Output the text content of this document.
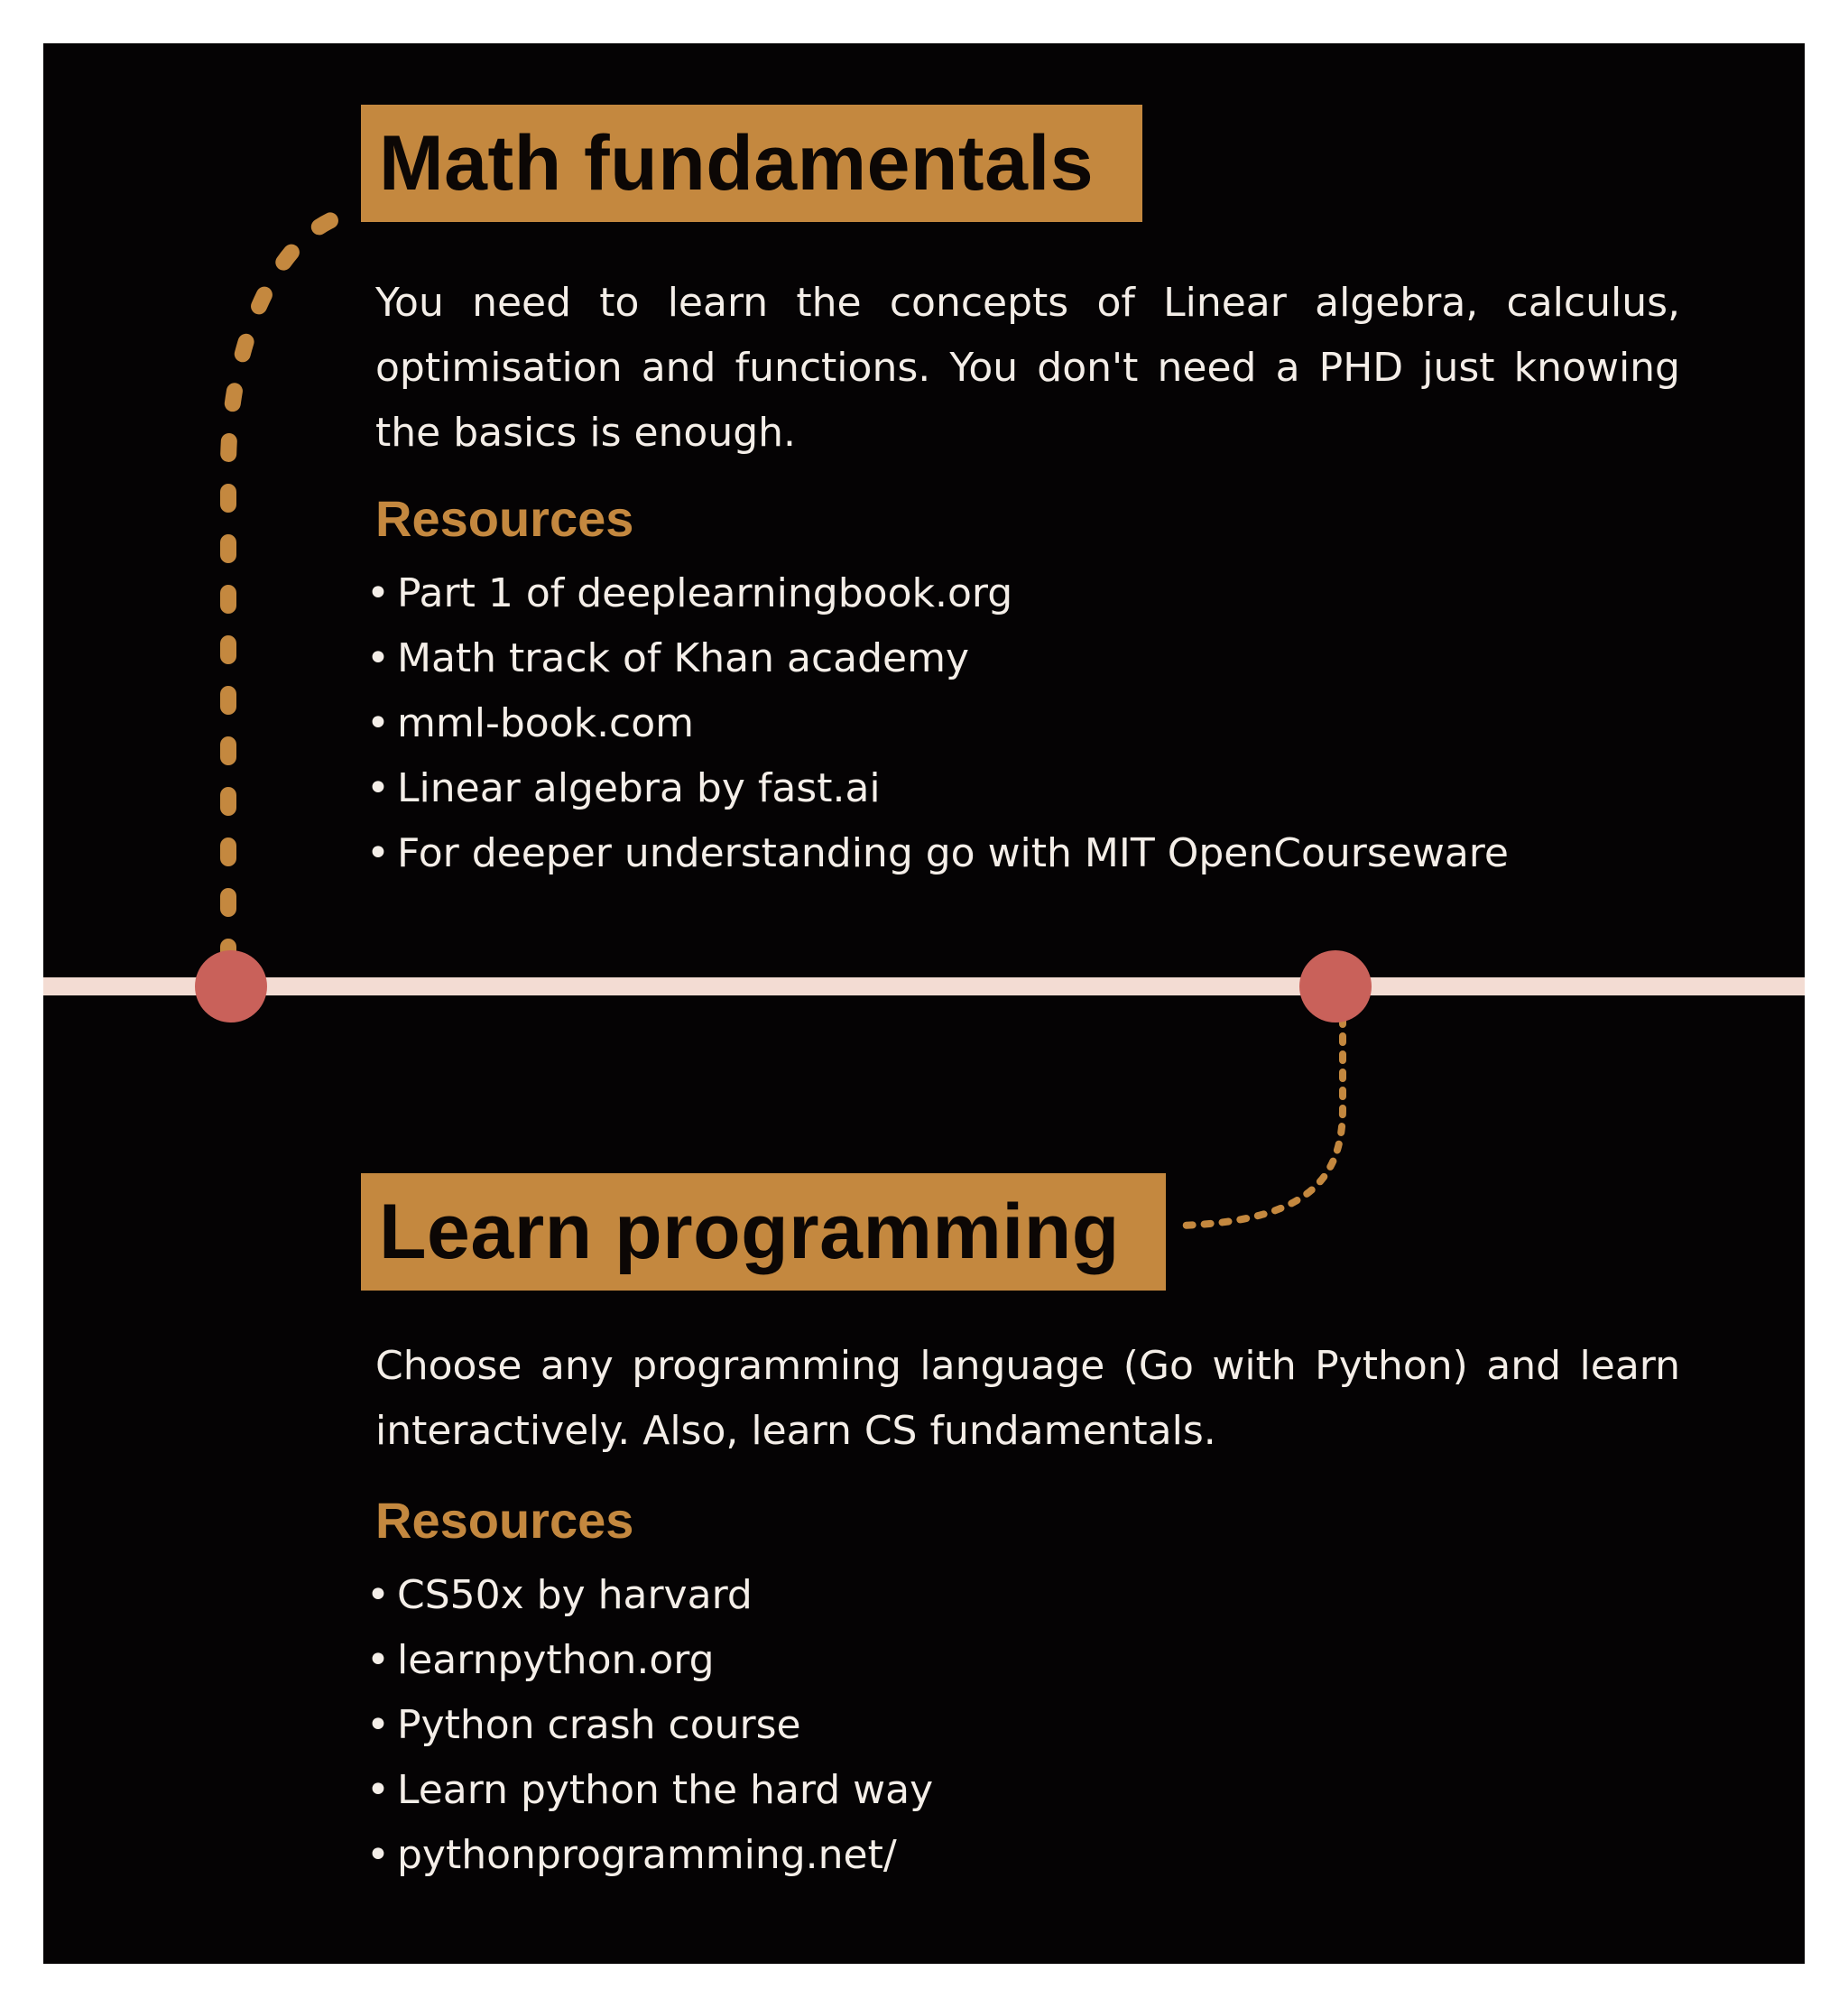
Math fundamentals

You need to learn the concepts of Linear algebra, calculus, optimisation and functions. You don't need a PHD just knowing the basics is enough.

Resources
• Part 1 of deeplearningbook.org
• Math track of Khan academy
• mml-book.com
• Linear algebra by fast.ai
• For deeper understanding go with MIT OpenCourseware
Learn programming

Choose any programming language (Go with Python) and learn interactively. Also, learn CS fundamentals.

Resources
• CS50x by harvard
• learnpython.org
• Python crash course
• Learn python the hard way
• pythonprogramming.net/
